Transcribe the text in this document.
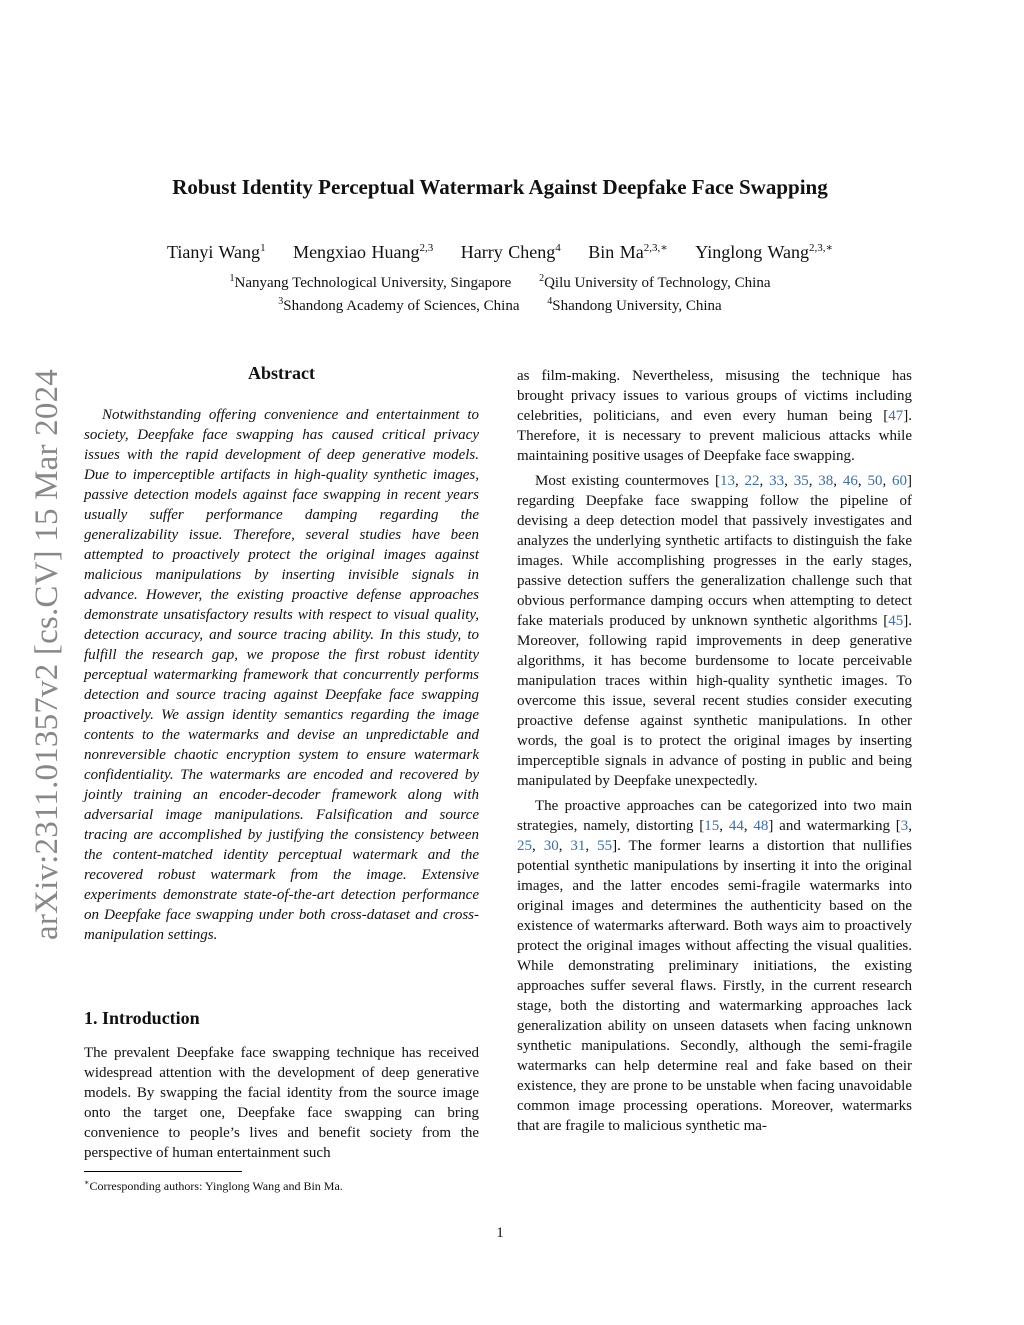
Robust Identity Perceptual Watermark Against Deepfake Face Swapping
Tianyi Wang$^1$ Mengxiao Huang$^{2,3}$ Harry Cheng$^4$ Bin $Ma^{2,3,∗}$ Yinglong Wang$^{2,3,∗}$
$^1$Nanyang Technological University, Singapore	$^2$Qilu University of Technology, China
$^3$Shandong Academy of Sciences, China	$^4$Shandong University, China
arXiv:2311.01357v2 [cs.CV] 15 Mar 2024	Abstract

Notwithstanding offering convenience and entertainment to society, Deepfake face swapping has caused critical privacy issues with the rapid development of deep generative models. Due to imperceptible artifacts in high-quality synthetic images, passive detection models against face swapping in recent years usually suffer performance damping regarding the generalizability issue. Therefore, several studies have been attempted to proactively protect the original images against malicious manipulations by inserting invisible signals in advance. However, the existing proactive defense approaches demonstrate unsatisfactory results with respect to visual quality, detection accuracy, and source tracing ability. In this study, to fulfill the research gap, we propose the first robust identity perceptual watermarking framework that concurrently performs detection and source tracing against Deepfake face swapping proactively. We assign identity semantics regarding the image contents to the watermarks and devise an unpredictable and nonreversible chaotic encryption system to ensure watermark confidentiality. The watermarks are encoded and recovered by jointly training an encoder-decoder framework along with adversarial image manipulations. Falsification and source tracing are accomplished by justifying the consistency between the content-matched identity perceptual watermark and the recovered robust watermark from the image. Extensive experiments demonstrate state-of-the-art detection performance on Deepfake face swapping under both cross-dataset and cross-manipulation settings.

1. Introduction

The prevalent Deepfake face swapping technique has received widespread attention with the development of deep generative models. By swapping the facial identity from the source image onto the target one, Deepfake face swapping can bring convenience to people’s lives and benefit society from the perspective of human entertainment such

as film-making. Nevertheless, misusing the technique has brought privacy issues to various groups of victims including celebrities, politicians, and even every human being [47]. Therefore, it is necessary to prevent malicious attacks while maintaining positive usages of Deepfake face swapping.

Most existing countermoves [13, 22, 33, 35, 38, 46, 50, 60] regarding Deepfake face swapping follow the pipeline of devising a deep detection model that passively investigates and analyzes the underlying synthetic artifacts to distinguish the fake images. While accomplishing progresses in the early stages, passive detection suffers the generalization challenge such that obvious performance damping occurs when attempting to detect fake materials produced by unknown synthetic algorithms [45]. Moreover, following rapid improvements in deep generative algorithms, it has become burdensome to locate perceivable manipulation traces within high-quality synthetic images. To overcome this issue, several recent studies consider executing proactive defense against synthetic manipulations. In other words, the goal is to protect the original images by inserting imperceptible signals in advance of posting in public and being manipulated by Deepfake unexpectedly.

The proactive approaches can be categorized into two main strategies, namely, distorting [15, 44, 48] and watermarking [3, 25, 30, 31, 55]. The former learns a distortion that nullifies potential synthetic manipulations by inserting it into the original images, and the latter encodes semi-fragile watermarks into original images and determines the authenticity based on the existence of watermarks afterward. Both ways aim to proactively protect the original images without affecting the visual qualities. While demonstrating preliminary initiations, the existing approaches suffer several flaws. Firstly, in the current research stage, both the distorting and watermarking approaches lack generalization ability on unseen datasets when facing unknown synthetic manipulations. Secondly, although the semi-fragile watermarks can help determine real and fake based on their existence, they are prone to be unstable when facing unavoidable common image processing operations. Moreover, watermarks that are fragile to malicious synthetic ma-

∗Corresponding authors: Yinglong Wang and Bin Ma.
1
